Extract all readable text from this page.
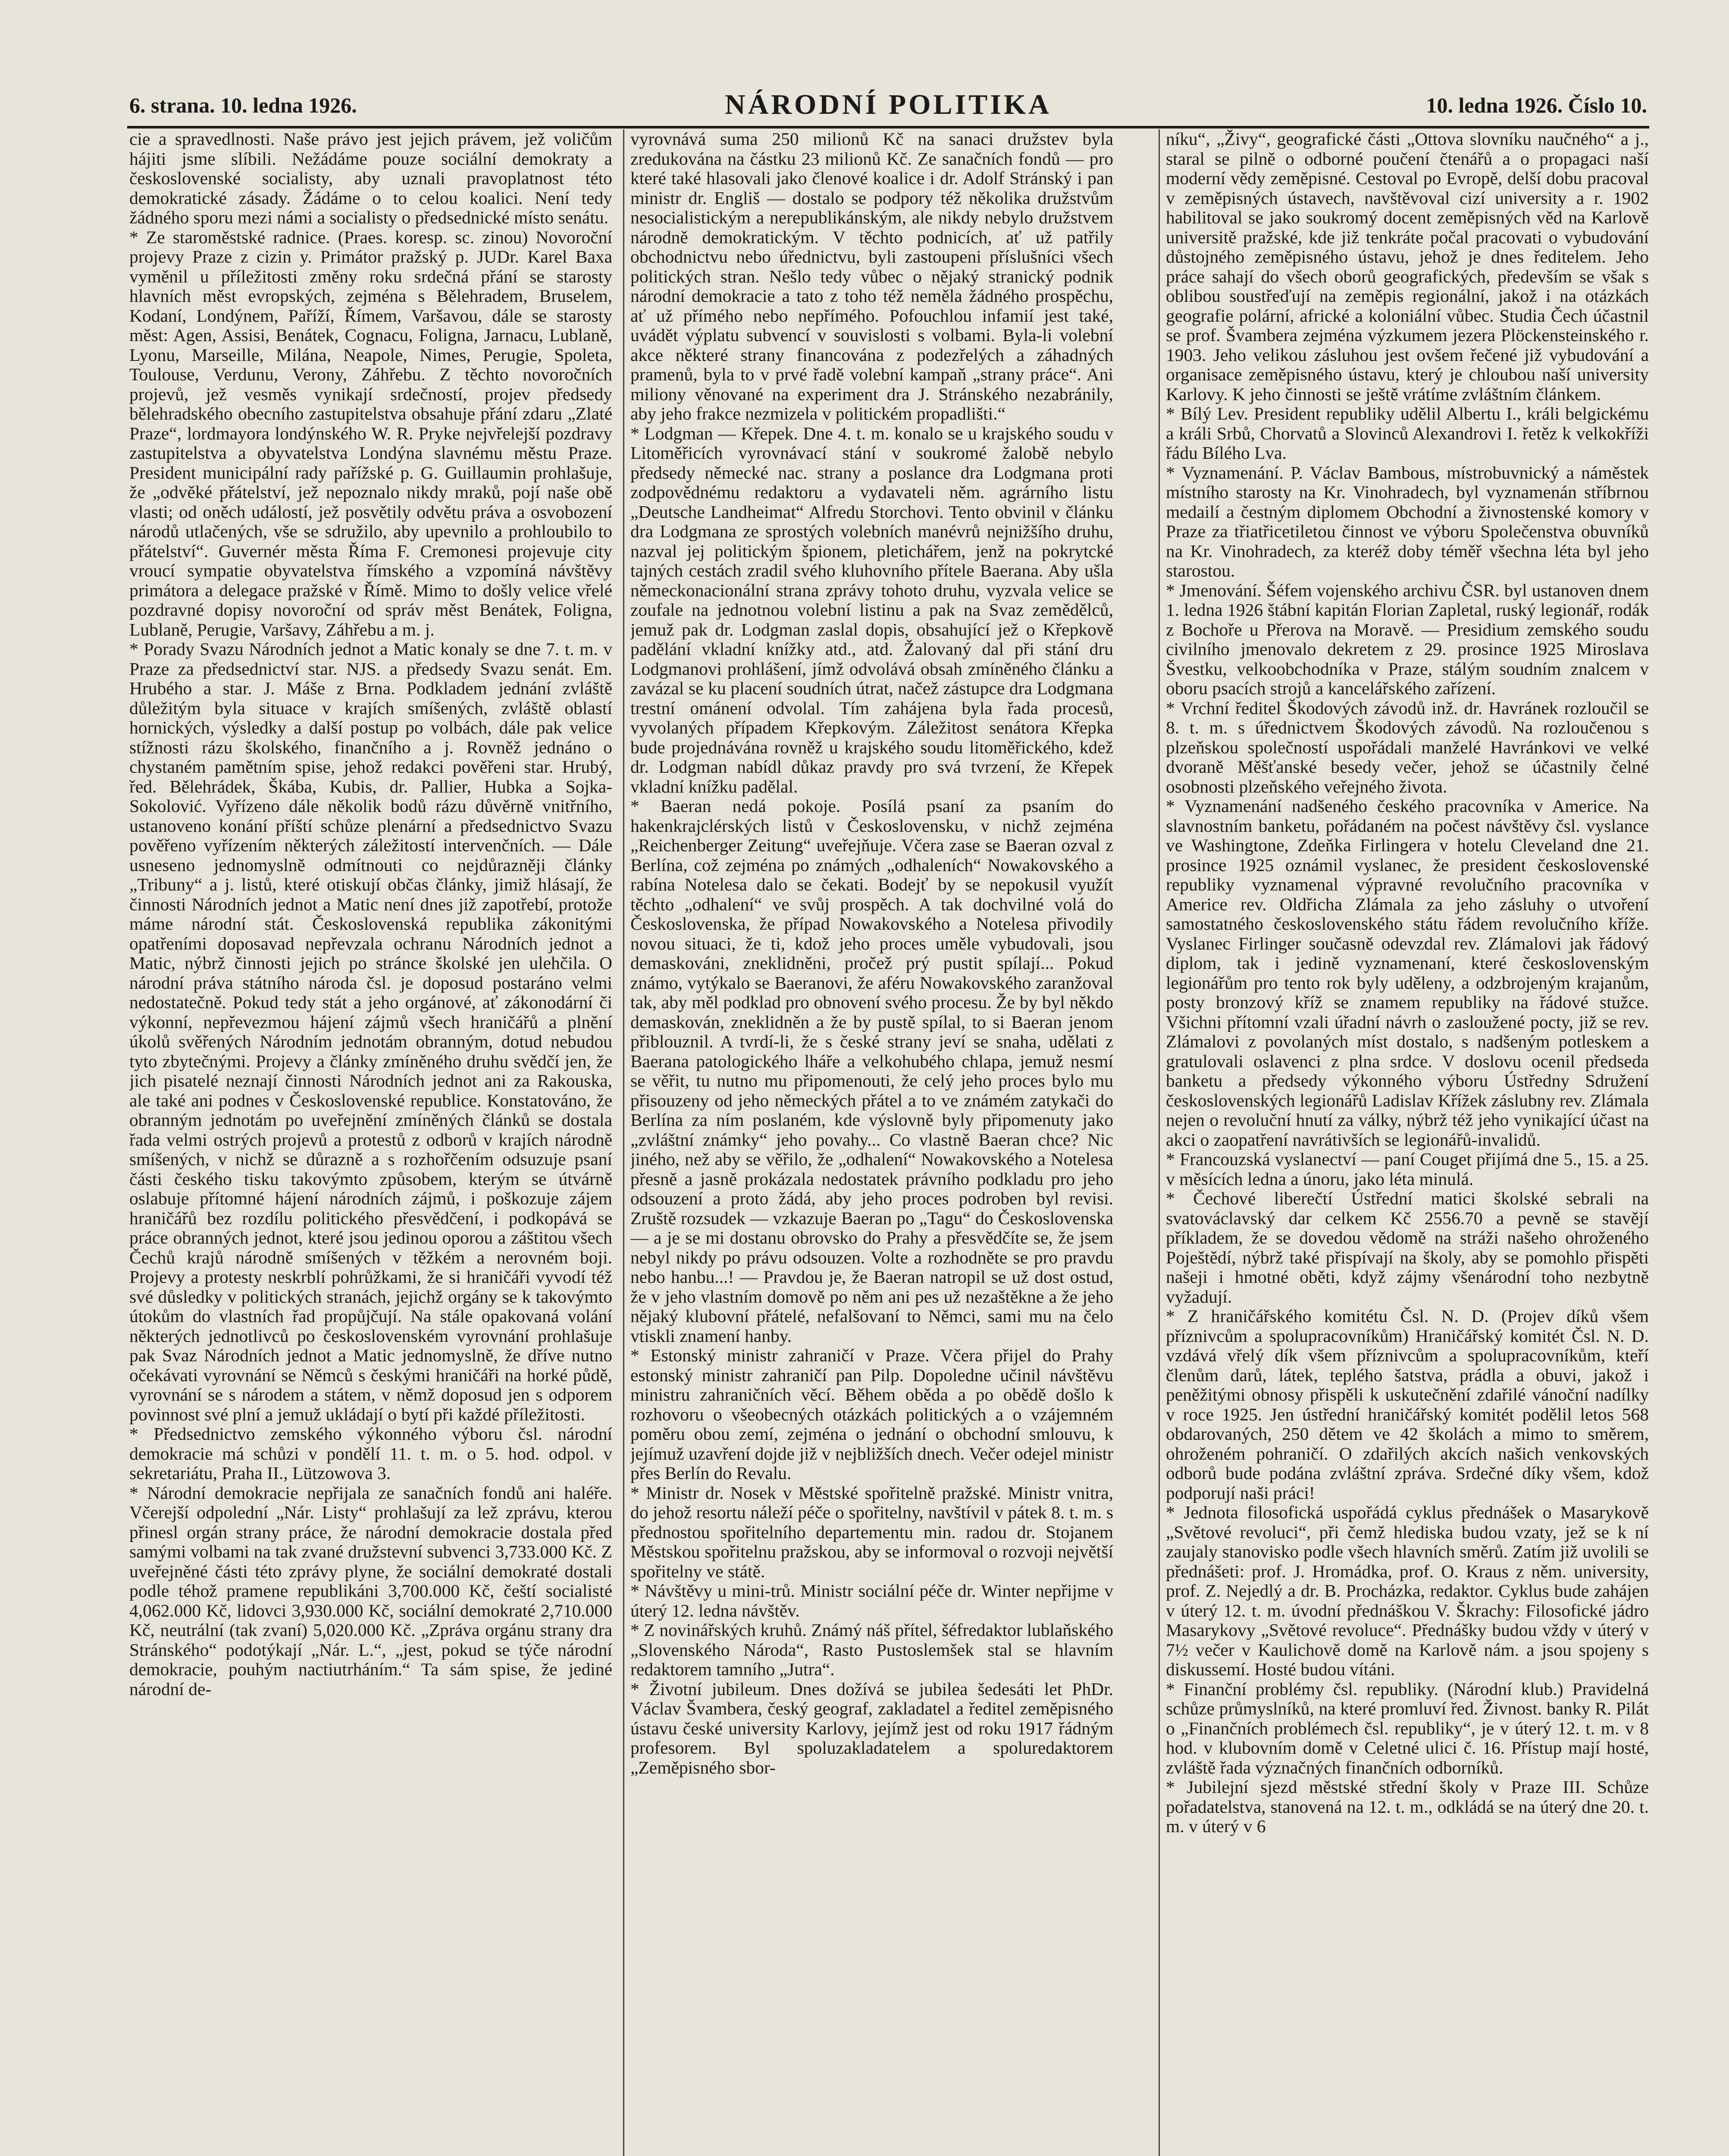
6. strana. 10. ledna 1926.	NÁRODNÍ POLITIKA	10. ledna 1926. Číslo 10.

cie a spravedlnosti. Naše právo jest jejich právem, jež voličům hájiti jsme slíbili. Nežádáme pouze sociální demokraty a československé socialisty, aby uznali pravoplatnost této demokratické zásady. Žádáme o to celou koalici. Není tedy žádného sporu mezi námi a socialisty o předsednické místo senátu.

* Ze staroměstské radnice. (Praes. koresp. sc. zinou) Novoroční projevy Praze z cizin y. Primátor pražský p. JUDr. Karel Baxa vyměnil u příležitosti změny roku srdečná přání se starosty hlavních měst evropských, zejména s Bělehradem, Bruselem, Kodaní, Londýnem, Paříží, Římem, Varšavou, dále se starosty měst: Agen, Assisi, Benátek, Cognacu, Foligna, Jarnacu, Lublaně, Lyonu, Marseille, Milána, Neapole, Nimes, Perugie, Spoleta, Toulouse, Verdunu, Verony, Záhřebu. Z těchto novoročních projevů, jež vesměs vynikají srdečností, projev předsedy bělehradského obecního zastupitelstva obsahuje přání zdaru „Zlaté Praze“, lordmayora londýnského W. R. Pryke nejvřelejší pozdravy zastupitelstva a obyvatelstva Londýna slavnému městu Praze. President municipální rady pařížské p. G. Guillaumin prohlašuje, že „odvěké přátelství, jež nepoznalo nikdy mraků, pojí naše obě vlasti; od oněch událostí, jež posvětily odvětu práva a osvobození národů utlačených, vše se sdružilo, aby upevnilo a prohloubilo to přátelství“. Guvernér města Říma F. Cremonesi projevuje city vroucí sympatie obyvatelstva římského a vzpomíná návštěvy primátora a delegace pražské v Římě. Mimo to došly velice vřelé pozdravné dopisy novoroční od správ měst Benátek, Foligna, Lublaně, Perugie, Varšavy, Záhřebu a m. j.

* Porady Svazu Národních jednot a Matic konaly se dne 7. t. m. v Praze za předsednictví star. NJS. a předsedy Svazu senát. Em. Hrubého a star. J. Máše z Brna. Podkladem jednání zvláště důležitým byla situace v krajích smíšených, zvláště oblastí hornických, výsledky a další postup po volbách, dále pak velice stížnosti rázu školského, finančního a j. Rovněž jednáno o chystaném pamětním spise, jehož redakci pověřeni star. Hrubý, řed. Bělehrádek, Škába, Kubis, dr. Pallier, Hubka a Sojka-Sokolović. Vyřízeno dále několik bodů rázu důvěrně vnitřního, ustanoveno konání příští schůze plenární a předsednictvo Svazu pověřeno vyřízením některých záležitostí intervenčních. — Dále usneseno jednomyslně odmítnouti co nejdůrazněji články „Tribuny“ a j. listů, které otiskují občas články, jimiž hlásají, že činnosti Národních jednot a Matic není dnes již zapotřebí, protože máme národní stát. Československá republika zákonitými opatřeními doposavad nepřevzala ochranu Národních jednot a Matic, nýbrž činnosti jejich po stránce školské jen ulehčila. O národní práva státního národa čsl. je doposud postaráno velmi nedostatečně. Pokud tedy stát a jeho orgánové, ať zákonodární či výkonní, nepřevezmou hájení zájmů všech hraničářů a plnění úkolů svěřených Národním jednotám obranným, dotud nebudou tyto zbytečnými. Projevy a články zmíněného druhu svědčí jen, že jich pisatelé neznají činnosti Národních jednot ani za Rakouska, ale také ani podnes v Československé republice. Konstatováno, že obranným jednotám po uveřejnění zmíněných článků se dostala řada velmi ostrých projevů a protestů z odborů v krajích národně smíšených, v nichž se důrazně a s rozhořčením odsuzuje psaní části českého tisku takovýmto způsobem, kterým se útvárně oslabuje přítomné hájení národních zájmů, i poškozuje zájem hraničářů bez rozdílu politického přesvědčení, i podkopává se práce obranných jednot, které jsou jedinou oporou a záštitou všech Čechů krajů národně smíšených v těžkém a nerovném boji. Projevy a protesty neskrblí pohrůžkami, že si hraničáři vyvodí též své důsledky v politických stranách, jejichž orgány se k takovýmto útokům do vlastních řad propůjčují. Na stále opakovaná volání některých jednotlivců po československém vyrovnání prohlašuje pak Svaz Národních jednot a Matic jednomyslně, že dříve nutno očekávati vyrovnání se Němců s českými hraničáři na horké půdě, vyrovnání se s národem a státem, v němž doposud jen s odporem povinnost své plní a jemuž ukládají o bytí při každé příležitosti.

* Předsednictvo zemského výkonného výboru čsl. národní demokracie má schůzi v pondělí 11. t. m. o 5. hod. odpol. v sekretariátu, Praha II., Lützowova 3.

* Národní demokracie nepřijala ze sanačních fondů ani haléře. Včerejší odpolední „Nár. Listy“ prohlašují za lež zprávu, kterou přinesl orgán strany práce, že národní demokracie dostala před samými volbami na tak zvané družstevní subvenci 3,733.000 Kč. Z uveřejněné části této zprávy plyne, že sociální demokraté dostali podle téhož pramene republikáni 3,700.000 Kč, čeští socialisté 4,062.000 Kč, lidovci 3,930.000 Kč, sociální demokraté 2,710.000 Kč, neutrální (tak zvaní) 5,020.000 Kč. „Zpráva orgánu strany dra Stránského“ podotýkají „Nár. L.“, „jest, pokud se týče národní demokracie, pouhým nactiutrháním.“ Ta sám spise, že jediné národní de-

vyrovnává suma 250 milionů Kč na sanaci družstev byla zredukována na částku 23 milionů Kč. Ze sanačních fondů — pro které také hlasovali jako členové koalice i dr. Adolf Stránský i pan ministr dr. Engliš — dostalo se podpory též několika družstvům nesocialistickým a nerepublikánským, ale nikdy nebylo družstvem národně demokratickým. V těchto podnicích, ať už patřily obchodnictvu nebo úřednictvu, byli zastoupeni příslušníci všech politických stran. Nešlo tedy vůbec o nějaký stranický podnik národní demokracie a tato z toho též neměla žádného prospěchu, ať už přímého nebo nepřímého. Pofouchlou infamií jest také, uvádět výplatu subvencí v souvislosti s volbami. Byla-li volební akce některé strany financována z podezřelých a záhadných pramenů, byla to v prvé řadě volební kampaň „strany práce“. Ani milionу věnované na experiment dra J. Stránského nezabránily, aby jeho frakce nezmizela v politickém propadlišti.“

* Lodgman — Křepek. Dne 4. t. m. konalo se u krajského soudu v Litoměřicích vyrovnávací stání v soukromé žalobě nebylo předsedy německé nac. strany a poslance dra Lodgmana proti zodpovědnému redaktoru a vydavateli něm. agrárního listu „Deutsche Landheimat“ Alfredu Storchovi. Tento obvinil v článku dra Lodgmana ze sprostých volebních manévrů nejnižšího druhu, nazval jej politickým špionem, pletichářem, jenž na pokrytcké tajných cestách zradil svého kluhovního přítele Baerana. Aby ušla německonacionální strana zprávy tohoto druhu, vyzvala velice se zoufale na jednotnou volební listinu a pak na Svaz zemědělců, jemuž pak dr. Lodgman zaslal dopis, obsahující jež o Křepkově padělání vkladní knížky atd., atd. Žalovaný dal při stání dru Lodgmanovi prohlášení, jímž odvolává obsah zmíněného článku a zavázal se ku placení soudních útrat, načež zástupce dra Lodgmana trestní ománení odvolal. Tím zahájena byla řada procesů, vyvolaných případem Křepkovým. Záležitost senátora Křepka bude projednávána rovněž u krajského soudu litoměřického, kdež dr. Lodgman nabídl důkaz pravdy pro svá tvrzení, že Křepek vkladní knížku padělal.

* Baeran nedá pokoje. Posílá psaní za psaním do hakenkrajclérských listů v Československu, v nichž zejména „Reichenberger Zeitung“ uveřejňuje. Včera zase se Baeran ozval z Berlína, což zejména po známých „odhaleních“ Nowakovského a rabína Notelesa dalo se čekati. Bodejť by se nepokusil využít těchto „odhalení“ ve svůj prospěch. A tak dochvilné volá do Československa, že případ Nowakovského a Notelesa přivodily novou situaci, že ti, kdož jeho proces uměle vybudovali, jsou demaskováni, zneklidněni, pročež prý pustit spílají... Pokud známo, vytýkalo se Baeranovi, že aféru Nowakovského zaranžoval tak, aby měl podklad pro obnovení svého procesu. Že by byl někdo demaskován, zneklidněn a že by pustě spílal, to si Baeran jenom přiblouznil. A tvrdí-li, že s české strany jeví se snaha, udělati z Baerana patologického lháře a velkohubého chlapa, jemuž nesmí se věřit, tu nutno mu připomenouti, že celý jeho proces bylo mu přisouzeny od jeho německých přátel a to ve známém zatykači do Berlína za ním poslaném, kde výslovně byly připomenuty jako „zvláštní známky“ jeho povahy... Co vlastně Baeran chce? Nic jiného, než aby se věřilo, že „odhalení“ Nowakovského a Notelesa přesně a jasně prokázala nedostatek právního podkladu pro jeho odsouzení a proto žádá, aby jeho proces podroben byl revisi. Zruště rozsudek — vzkazuje Baeran po „Tagu“ do Československa — a je se mi dostanu obrovsko do Prahy a přesvědčíte se, že jsem nebyl nikdy po právu odsouzen. Volte a rozhodněte se pro pravdu nebo hanbu...! — Pravdou je, že Baeran natropil se už dost ostud, že v jeho vlastním domově po něm ani pes už nezaštěkne a že jeho nějaký klubovní přátelé, nefalšovaní to Němci, sami mu na čelo vtiskli znamení hanby.

* Estonský ministr zahraničí v Praze. Včera přijel do Prahy estonský ministr zahraničí pan Pilp. Dopoledne učinil návštěvu ministru zahraničních věcí. Během oběda a po obědě došlo k rozhovoru o všeobecných otázkách politických a o vzájemném poměru obou zemí, zejména o jednání o obchodní smlouvu, k jejímuž uzavření dojde již v nejbližších dnech. Večer odejel ministr přes Berlín do Revalu.

* Ministr dr. Nosek v Městské spořitelně pražské. Ministr vnitra, do jehož resortu náleží péče o spořitelny, navštívil v pátek 8. t. m. s přednostou spořitelního departementu min. radou dr. Stojanem Městskou spořitelnu pražskou, aby se informoval o rozvoji největší spořitelny ve státě.

* Návštěvy u mini-trů. Ministr sociální péče dr. Winter nepřijme v úterý 12. ledna návštěv.

* Z novinářských kruhů. Známý náš přítel, šéfredaktor lublaňského „Slovenského Národa“, Rasto Pustoslemšek stal se hlavním redaktorem tamního „Jutra“.

* Životní jubileum. Dnes dožívá se jubilea šedesáti let PhDr. Václav Švambera, český geograf, zakladatel a ředitel zeměpisného ústavu české university Karlovy, jejímž jest od roku 1917 řádným profesorem. Byl spoluzakladatelem a spoluredaktorem „Zeměpisného sbor-

níku“, „Živy“, geografické části „Ottova slovníku naučného“ a j., staral se pilně o odborné poučení čtenářů a o propagaci naší moderní vědy zeměpisné. Cestoval po Evropě, delší dobu pracoval v zeměpisných ústavech, navštěvoval cizí university a r. 1902 habilitoval se jako soukromý docent zeměpisných věd na Karlově universitě pražské, kde již tenkráte počal pracovati o vybudování důstojného zeměpisného ústavu, jehož je dnes ředitelem. Jeho práce sahají do všech oborů geografických, především se však s oblibou soustřeďují na zeměpis regionální, jakož i na otázkách geografie polární, africké a koloniální vůbec. Studia Čech účastnil se prof. Švambera zejména výzkumem jezera Plöckensteinského r. 1903. Jeho velikou zásluhou jest ovšem řečené již vybudování a organisace zeměpisného ústavu, který je chloubou naší university Karlovy. K jeho činnosti se ještě vrátíme zvláštním článkem.

* Bílý Lev. President republiky udělil Albertu I., králi belgickému a králi Srbů, Chorvatů a Slovinců Alexandrovi I. řetěz k velkokříži řádu Bílého Lva.

* Vyznamenání. P. Václav Bambous, místrobuvnický a náměstek místního starosty na Kr. Vinohradech, byl vyznamenán stříbrnou medailí a čestným diplomem Obchodní a živnostenské komory v Praze za třiatřicetiletou činnost ve výboru Společenstva obuvníků na Kr. Vinohradech, za kteréž doby téměř všechna léta byl jeho starostou.

* Jmenování. Šéfem vojenského archivu ČSR. byl ustanoven dnem 1. ledna 1926 štábní kapitán Florian Zapletal, ruský legionář, rodák z Bochoře u Přerova na Moravě. — Presidium zemského soudu civilního jmenovalo dekretem z 29. prosince 1925 Miroslava Švestku, velkoobchodníka v Praze, stálým soudním znalcem v oboru psacích strojů a kancelářského zařízení.

* Vrchní ředitel Škodových závodů inž. dr. Havránek rozloučil se 8. t. m. s úřednictvem Škodových závodů. Na rozloučenou s plzeňskou společností uspořádali manželé Havránkovi ve velké dvoraně Měšťanské besedy večer, jehož se účastnily čelné osobnosti plzeňského veřejného života.

* Vyznamenání nadšeného českého pracovníka v Americe. Na slavnostním banketu, pořádaném na počest návštěvy čsl. vyslance ve Washingtone, Zdeňka Firlingera v hotelu Cleveland dne 21. prosince 1925 oznámil vyslanec, že president československé republiky vyznamenal výpravné revolučního pracovníka v Americe rev. Oldřicha Zlámala za jeho zásluhy o utvoření samostatného československého státu řádem revolučního kříže. Vyslanec Firlinger současně odevzdal rev. Zlámalovi jak řádový diplom, tak i jedině vyznamenaní, které československým legionářům pro tento rok byly uděleny, a odzbrojeným krajanům, posty bronzový kříž se znamem republiky na řádové stužce. Všichni přítomní vzali úřadní návrh o zasloužené pocty, již se rev. Zlámalovi z povolaných míst dostalo, s nadšeným potleskem a gratulovali oslavenci z plna srdce. V doslovu ocenil předseda banketu a předsedy výkonného výboru Ústředny Sdružení československých legionářů Ladislav Křížek záslubny rev. Zlámala nejen o revoluční hnutí za války, nýbrž též jeho vynikající účast na akci o zaopatření navrátivších se legionářů-invalidů.

* Francouzská vyslanectví — paní Couget přijímá dne 5., 15. a 25. v měsících ledna a únoru, jako léta minulá.

* Čechové liberečtí Ústřední matici školské sebrali na svatováclavský dar celkem Kč 2556.70 a pevně se stavějí příkladem, že se dovedou vědomě na stráži našeho ohroženého Poještědí, nýbrž také přispívají na školy, aby se pomohlo přispěti našeji i hmotné oběti, když zájmy všenárodní toho nezbytně vyžadují.

* Z hraničářského komitétu Čsl. N. D. (Projev díků všem příznivcům a spolupracovníkům) Hraničářský komitét Čsl. N. D. vzdává vřelý dík všem příznivcům a spolupracovníkům, kteří členům darů, látek, teplého šatstva, prádla a obuvi, jakož i peněžitými obnosy přispěli k uskutečnění zdařilé vánoční nadílky v roce 1925. Jen ústřední hraničářský komitét podělil letos 568 obdarovaných, 250 dětem ve 42 školách a mimo to směrem, ohroženém pohraničí. O zdařilých akcích našich venkovských odborů bude podána zvláštní zpráva. Srdečné díky všem, kdož podporují naši práci!

* Jednota filosofická uspořádá cyklus přednášek o Masarykově „Světové revoluci“, při čemž hlediska budou vzaty, jež se k ní zaujaly stanovisko podle všech hlavních směrů. Zatím již uvolili se přednášeti: prof. J. Hromádka, prof. O. Kraus z něm. university, prof. Z. Nejedlý a dr. B. Procházka, redaktor. Cyklus bude zahájen v úterý 12. t. m. úvodní přednáškou V. Škrachy: Filosofické jádro Masarykovy „Světové revoluce“. Přednášky budou vždy v úterý v 7½ večer v Kaulichově domě na Karlově nám. a jsou spojeny s diskussemí. Hosté budou vítáni.

* Finanční problémy čsl. republiky. (Národní klub.) Pravidelná schůze průmyslníků, na které promluví řed. Živnost. banky R. Pilát o „Finančních problémech čsl. republiky“, je v úterý 12. t. m. v 8 hod. v klubovním domě v Celetné ulici č. 16. Přístup mají hosté, zvláště řada význačných finančních odborníků.

* Jubilejní sjezd městské střední školy v Praze III. Schůze pořadatelstva, stanovená na 12. t. m., odkládá se na úterý dne 20. t. m. v úterý v 6
